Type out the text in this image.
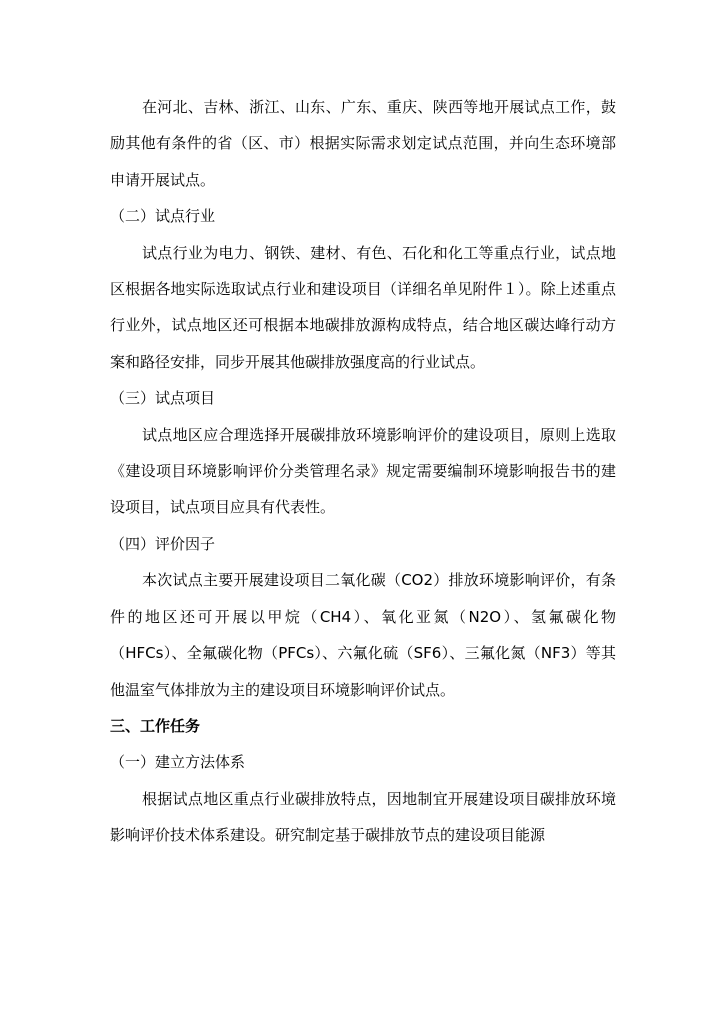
在河北、吉林、浙江、山东、广东、重庆、陕西等地开展试点工作，鼓励其他有条件的省（区、市）根据实际需求划定试点范围，并向生态环境部申请开展试点。

（二）试点行业

试点行业为电力、钢铁、建材、有色、石化和化工等重点行业，试点地区根据各地实际选取试点行业和建设项目（详细名单见附件１）。除上述重点行业外，试点地区还可根据本地碳排放源构成特点，结合地区碳达峰行动方案和路径安排，同步开展其他碳排放强度高的行业试点。

（三）试点项目

试点地区应合理选择开展碳排放环境影响评价的建设项目，原则上选取《建设项目环境影响评价分类管理名录》规定需要编制环境影响报告书的建设项目，试点项目应具有代表性。

（四）评价因子

本次试点主要开展建设项目二氧化碳（CO2）排放环境影响评价，有条件的地区还可开展以甲烷（CH4）、氧化亚氮（N2O）、氢氟碳化物（HFCs）、全氟碳化物（PFCs）、六氟化硫（SF6）、三氟化氮（NF3）等其他温室气体排放为主的建设项目环境影响评价试点。

三、工作任务

（一）建立方法体系

根据试点地区重点行业碳排放特点，因地制宜开展建设项目碳排放环境影响评价技术体系建设。研究制定基于碳排放节点的建设项目能源
